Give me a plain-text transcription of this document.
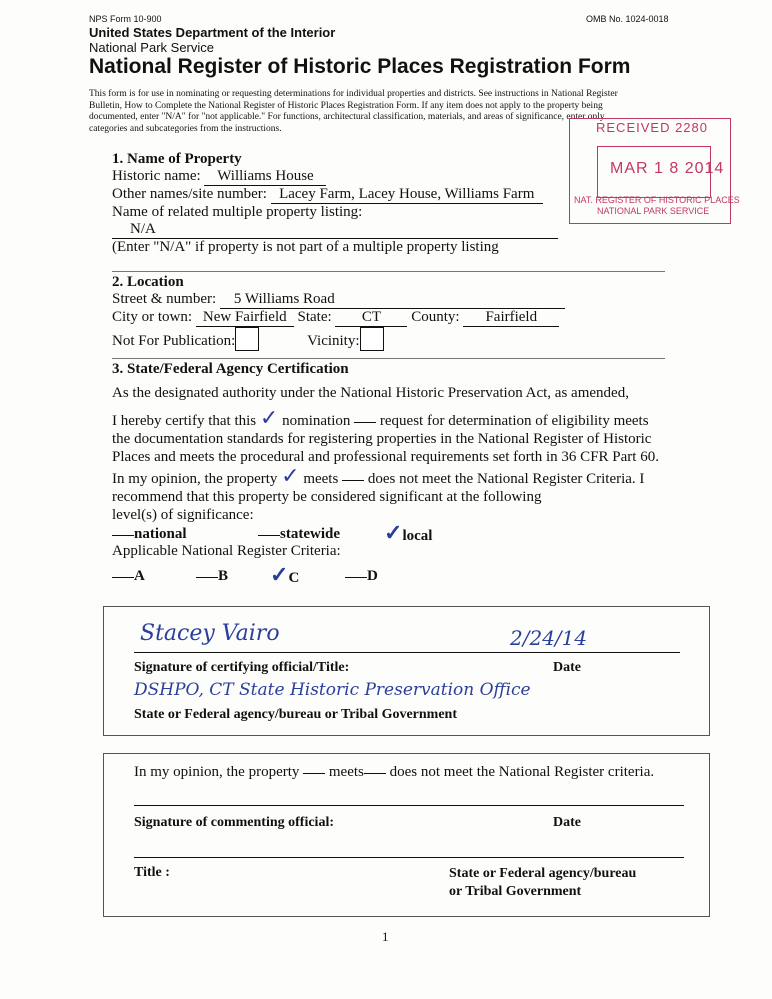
NPS Form 10-900	OMB No. 1024-0018
United States Department of the Interior
National Park Service
National Register of Historic Places Registration Form
This form is for use in nominating or requesting determinations for individual properties and districts. See instructions in National Register
Bulletin, How to Complete the National Register of Historic Places Registration Form. If any item does not apply to the property being
documented, enter "N/A" for "not applicable." For functions, architectural classification, materials, and areas of significance, enter only
categories and subcategories from the instructions.	RECEIVED 2280
MAR 1 8 2014
NAT. REGISTER OF HISTORIC PLACES
NATIONAL PARK SERVICE
1. Name of Property
Historic name: Williams House
Other names/site number: Lacey Farm, Lacey House, Williams Farm
Name of related multiple property listing:
N/A
(Enter "N/A" if property is not part of a multiple property listing
2. Location
Street & number: 5 Williams Road
City or town: New Fairfield State: CT County: Fairfield
Not For Publication:	Vicinity:
3. State/Federal Agency Certification
As the designated authority under the National Historic Preservation Act, as amended,
I hereby certify that this ✓ nomination request for determination of eligibility meets
the documentation standards for registering properties in the National Register of Historic
Places and meets the procedural and professional requirements set forth in 36 CFR Part 60.
In my opinion, the property ✓ meets does not meet the National Register Criteria. I
recommend that this property be considered significant at the following
level(s) of significance:
national	statewide ✓local
Applicable National Register Criteria:
A	B ✓C	D
Stacey Vairo	2/24/14
Signature of certifying official/Title:	Date
DSHPO, CT State Historic Preservation Office
State or Federal agency/bureau or Tribal Government
In my opinion, the property meets does not meet the National Register criteria.
Signature of commenting official:	Date
Title :	State or Federal agency/bureau
or Tribal Government
1
